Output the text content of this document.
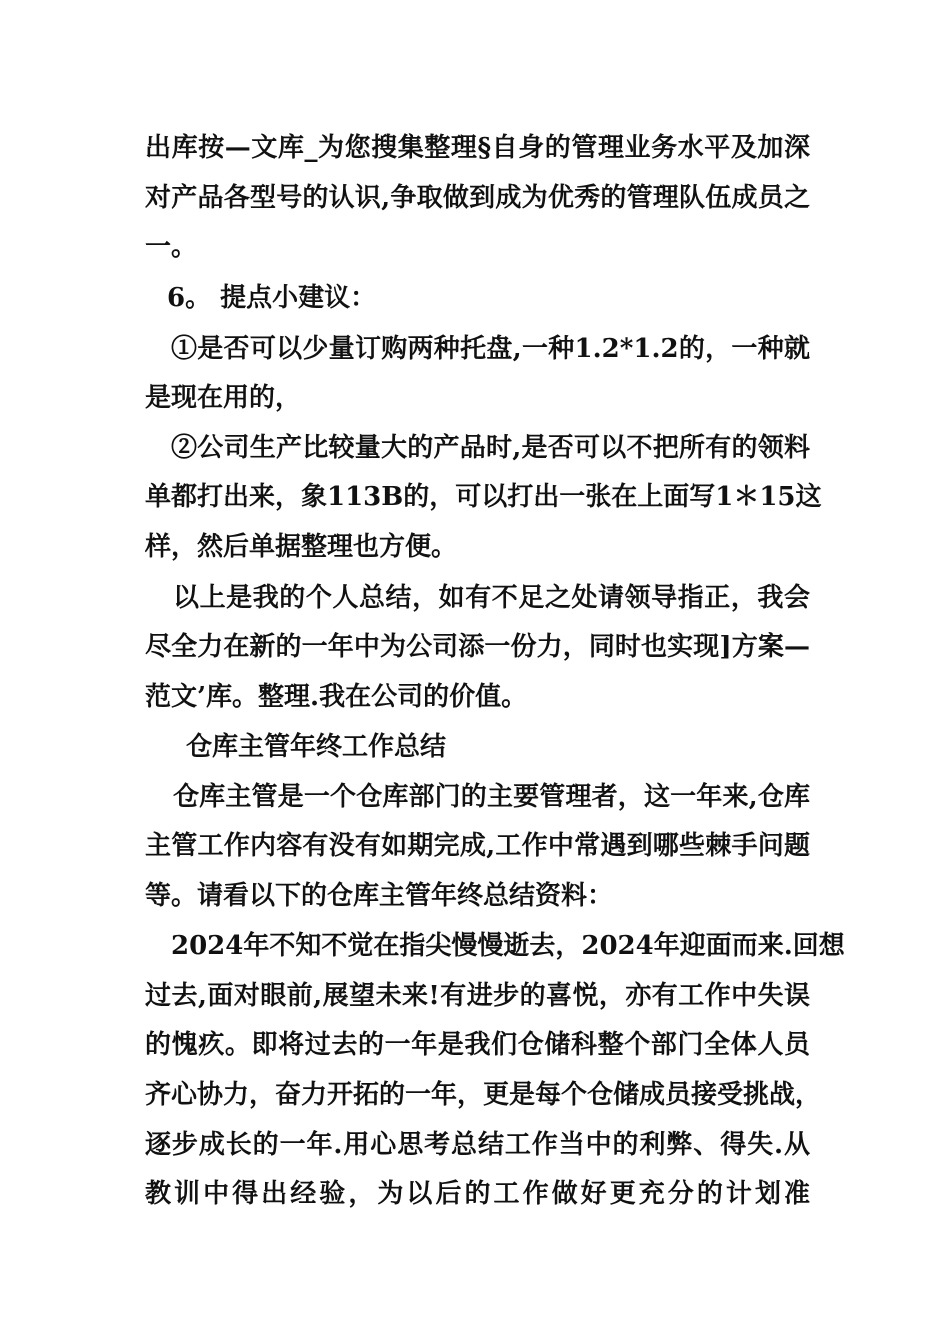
出库按—文库_为您搜集整理§自身的管理业务水平及加深
对产品各型号的认识,争取做到成为优秀的管理队伍成员之
一。
6。 提点小建议：
①是否可以少量订购两种托盘,一种1.2*1.2的，一种就
是现在用的，
②公司生产比较量大的产品时,是否可以不把所有的领料
单都打出来，象113B的，可以打出一张在上面写1＊15这
样，然后单据整理也方便。
以上是我的个人总结，如有不足之处请领导指正，我会
尽全力在新的一年中为公司添一份力，同时也实现]方案—
范文’库。整理.我在公司的价值。
仓库主管年终工作总结
仓库主管是一个仓库部门的主要管理者，这一年来,仓库
主管工作内容有没有如期完成,工作中常遇到哪些棘手问题
等。请看以下的仓库主管年终总结资料：
2024年不知不觉在指尖慢慢逝去，2024年迎面而来.回想
过去,面对眼前,展望未来!有进步的喜悦，亦有工作中失误
的愧疚。即将过去的一年是我们仓储科整个部门全体人员
齐心协力，奋力开拓的一年，更是每个仓储成员接受挑战，
逐步成长的一年.用心思考总结工作当中的利弊、得失.从
教训中得出经验，为以后的工作做好更充分的计划准
